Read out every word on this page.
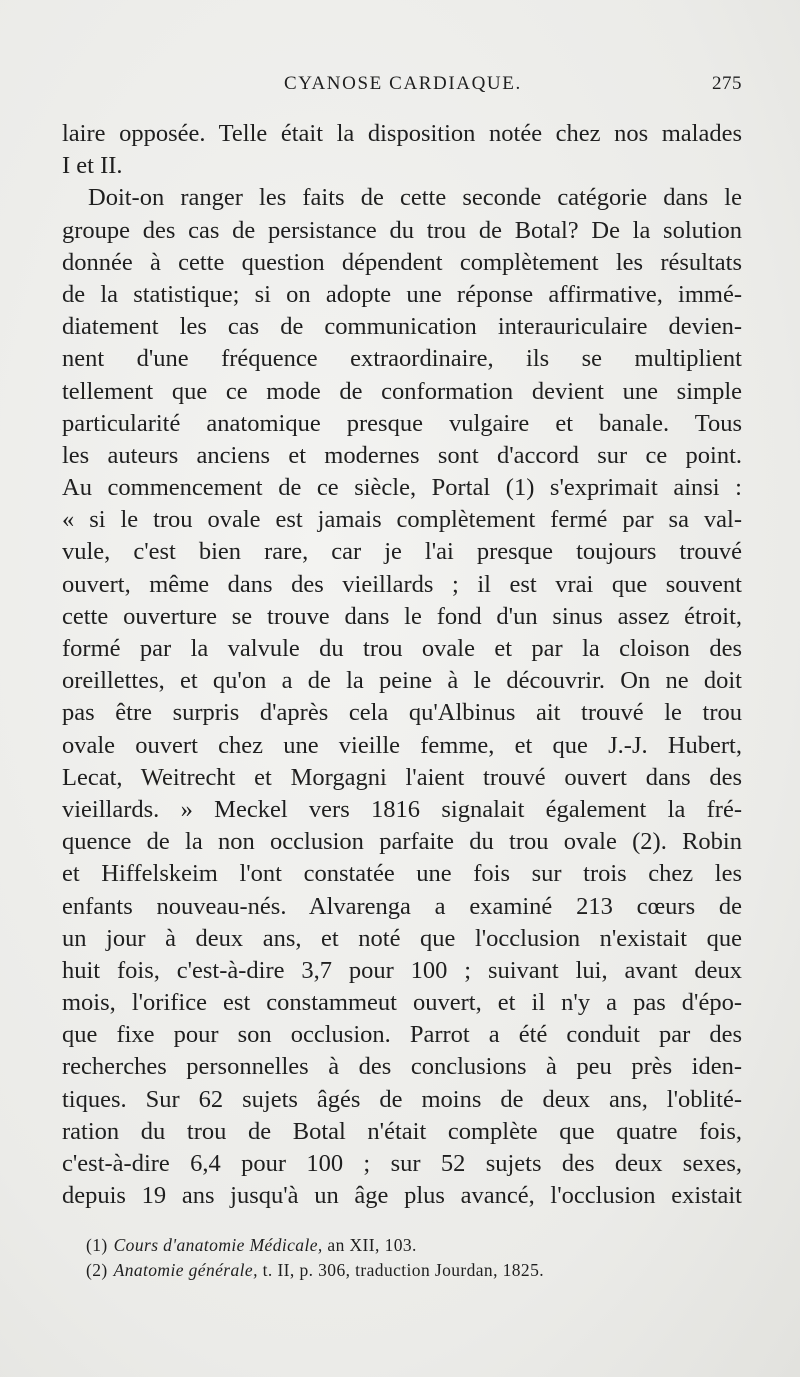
CYANOSE CARDIAQUE.	275
laire opposée. Telle était la disposition notée chez nos malades
I et II.
Doit-on ranger les faits de cette seconde catégorie dans le
groupe des cas de persistance du trou de Botal? De la solution
donnée à cette question dépendent complètement les résultats
de la statistique; si on adopte une réponse affirmative, immé-
diatement les cas de communication interauriculaire devien-
nent d'une fréquence extraordinaire, ils se multiplient
tellement que ce mode de conformation devient une simple
particularité anatomique presque vulgaire et banale. Tous
les auteurs anciens et modernes sont d'accord sur ce point.
Au commencement de ce siècle, Portal (1) s'exprimait ainsi :
« si le trou ovale est jamais complètement fermé par sa val-
vule, c'est bien rare, car je l'ai presque toujours trouvé
ouvert, même dans des vieillards ; il est vrai que souvent
cette ouverture se trouve dans le fond d'un sinus assez étroit,
formé par la valvule du trou ovale et par la cloison des
oreillettes, et qu'on a de la peine à le découvrir. On ne doit
pas être surpris d'après cela qu'Albinus ait trouvé le trou
ovale ouvert chez une vieille femme, et que J.-J. Hubert,
Lecat, Weitrecht et Morgagni l'aient trouvé ouvert dans des
vieillards. » Meckel vers 1816 signalait également la fré-
quence de la non occlusion parfaite du trou ovale (2). Robin
et Hiffelskeim l'ont constatée une fois sur trois chez les
enfants nouveau-nés. Alvarenga a examiné 213 cœurs de
un jour à deux ans, et noté que l'occlusion n'existait que
huit fois, c'est-à-dire 3,7 pour 100 ; suivant lui, avant deux
mois, l'orifice est constammeut ouvert, et il n'y a pas d'épo-
que fixe pour son occlusion. Parrot a été conduit par des
recherches personnelles à des conclusions à peu près iden-
tiques. Sur 62 sujets âgés de moins de deux ans, l'oblité-
ration du trou de Botal n'était complète que quatre fois,
c'est-à-dire 6,4 pour 100 ; sur 52 sujets des deux sexes,
depuis 19 ans jusqu'à un âge plus avancé, l'occlusion existait
(1) Cours d'anatomie Médicale, an XII, 103.
(2) Anatomie générale, t. II, p. 306, traduction Jourdan, 1825.
